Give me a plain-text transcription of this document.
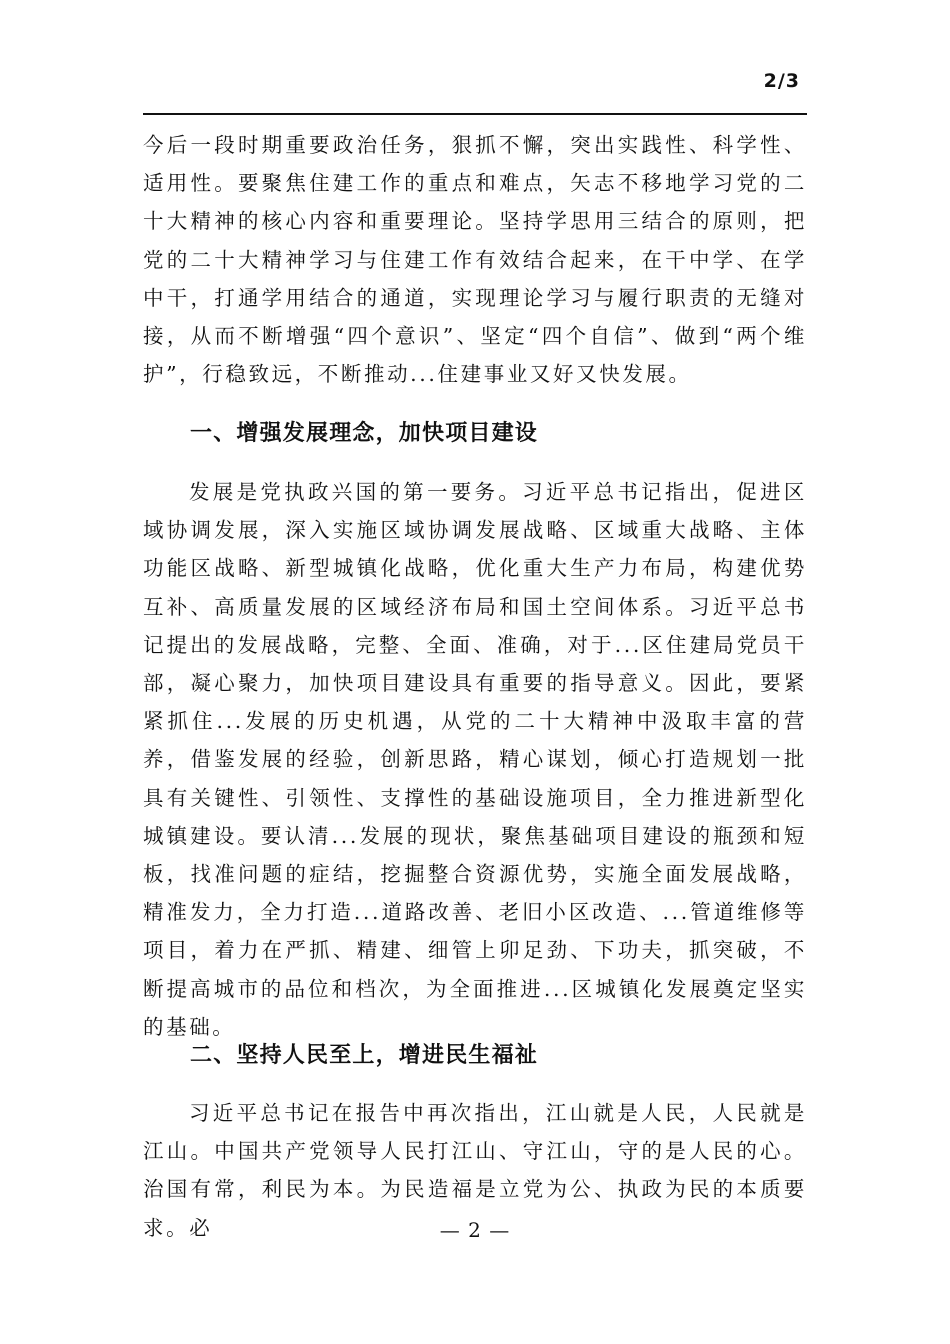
2/3

今后一段时期重要政治任务，狠抓不懈，突出实践性、科学性、适用性。要聚焦住建工作的重点和难点，矢志不移地学习党的二十大精神的核心内容和重要理论。坚持学思用三结合的原则，把党的二十大精神学习与住建工作有效结合起来，在干中学、在学中干，打通学用结合的通道，实现理论学习与履行职责的无缝对接，从而不断增强“四个意识”、坚定“四个自信”、做到“两个维护”，行稳致远，不断推动...住建事业又好又快发展。

一、增强发展理念，加快项目建设

发展是党执政兴国的第一要务。习近平总书记指出，促进区域协调发展，深入实施区域协调发展战略、区域重大战略、主体功能区战略、新型城镇化战略，优化重大生产力布局，构建优势互补、高质量发展的区域经济布局和国土空间体系。习近平总书记提出的发展战略，完整、全面、准确，对于...区住建局党员干部，凝心聚力，加快项目建设具有重要的指导意义。因此，要紧紧抓住...发展的历史机遇，从党的二十大精神中汲取丰富的营养，借鉴发展的经验，创新思路，精心谋划，倾心打造规划一批具有关键性、引领性、支撑性的基础设施项目，全力推进新型化城镇建设。要认清...发展的现状，聚焦基础项目建设的瓶颈和短板，找准问题的症结，挖掘整合资源优势，实施全面发展战略，精准发力，全力打造...道路改善、老旧小区改造、...管道维修等项目，着力在严抓、精建、细管上卯足劲、下功夫，抓突破，不断提高城市的品位和档次，为全面推进...区城镇化发展奠定坚实的基础。

二、坚持人民至上，增进民生福祉

习近平总书记在报告中再次指出，江山就是人民，人民就是江山。中国共产党领导人民打江山、守江山，守的是人民的心。治国有常，利民为本。为民造福是立党为公、执政为民的本质要求。必	— 2 —
